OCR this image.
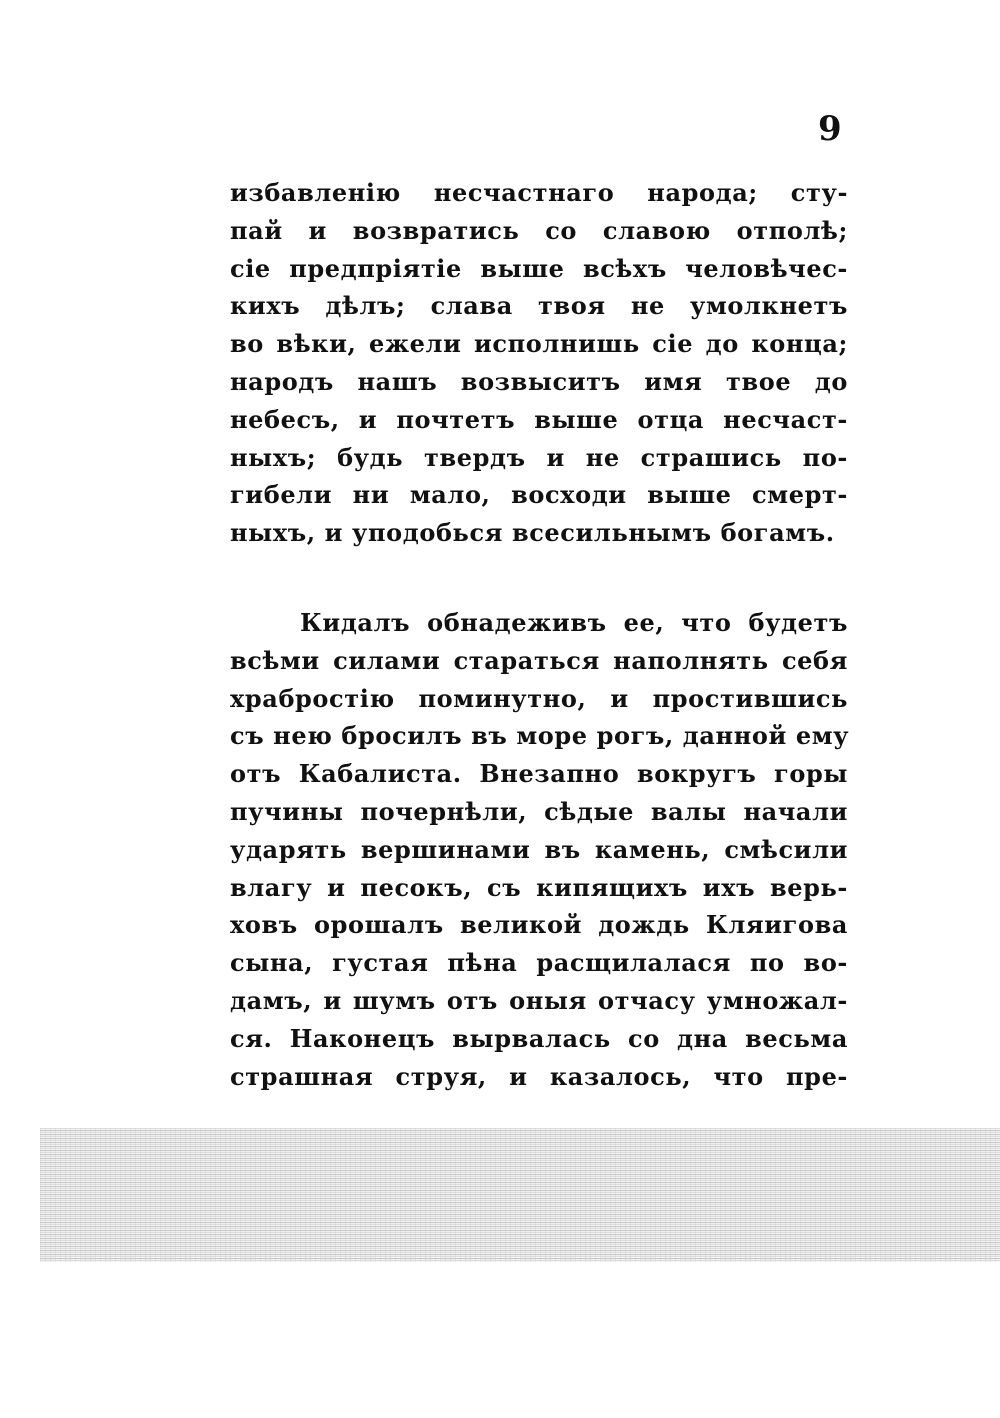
9
избавленію несчастнаго народа; сту-
пай и возвратись со славою отполѣ;
сіе предпріятіе выше всѣхъ человѣчес-
кихъ дѣлъ; слава твоя не умолкнетъ
во вѣки, ежели исполнишь сіе до конца;
народъ нашъ возвыситъ имя твое до
небесъ, и почтетъ выше отца несчаст-
ныхъ; будь твердъ и не страшись по-
гибели ни мало, восходи выше смерт-
ныхъ, и уподобься всесильнымъ богамъ.
Кидалъ обнадеживъ ее, что будетъ
всѣми силами стараться наполнять себя
храбростію поминутно, и простившись
съ нею бросилъ въ море рогъ, данной ему
отъ Кабалиста. Внезапно вокругъ горы
пучины почернѣли, сѣдые валы начали
ударять вершинами въ камень, смѣсили
влагу и песокъ, съ кипящихъ ихъ верь-
ховъ орошалъ великой дождь Кляигова
сына, густая пѣна расщилалася по во-
дамъ, и шумъ отъ оныя отчасу умножал-
ся. Наконецъ вырвалась со дна весьма
страшная струя, и казалось, что пре-
